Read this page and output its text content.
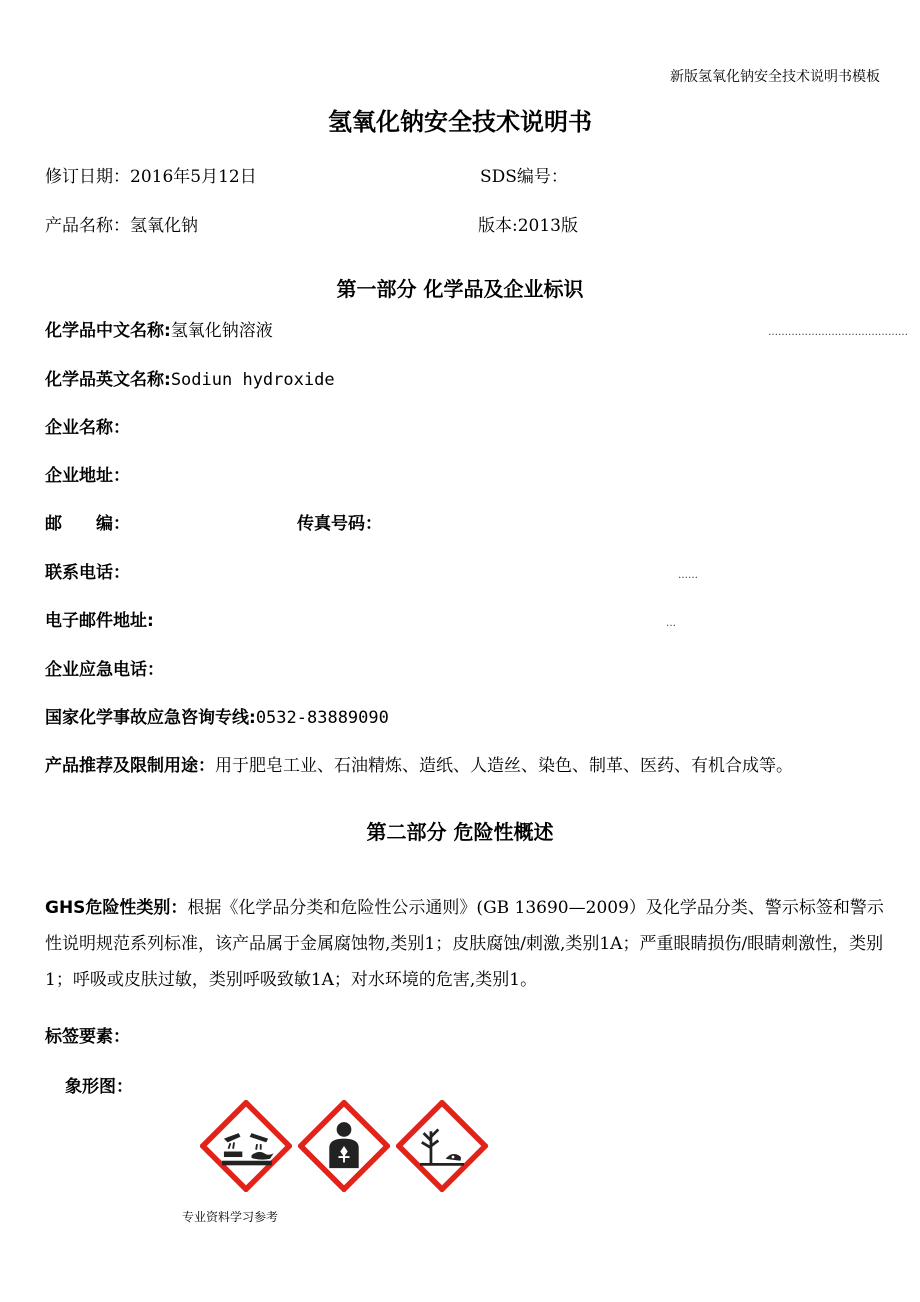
新版氢氧化钠安全技术说明书模板
氢氧化钠安全技术说明书
修订日期：2016年5月12日	SDS编号：
产品名称：氢氧化钠	版本:2013版
第一部分 化学品及企业标识
化学品中文名称:氢氧化钠溶液	……………………………………
化学品英文名称:Sodiun hydroxide
企业名称：
企业地址：
邮　　编：	传真号码：
联系电话：	……
电子邮件地址:	…
企业应急电话：
国家化学事故应急咨询专线:0532-83889090
产品推荐及限制用途：用于肥皂工业、石油精炼、造纸、人造丝、染色、制革、医药、有机合成等。
第二部分 危险性概述
GHS危险性类别：根据《化学品分类和危险性公示通则》(GB 13690—2009）及化学品分类、警示标签和警示性说明规范系列标准，该产品属于金属腐蚀物,类别1；皮肤腐蚀/刺激,类别1A；严重眼睛损伤/眼睛刺激性，类别1；呼吸或皮肤过敏，类别呼吸致敏1A；对水环境的危害,类别1。
标签要素：
象形图：
专业资料学习参考
